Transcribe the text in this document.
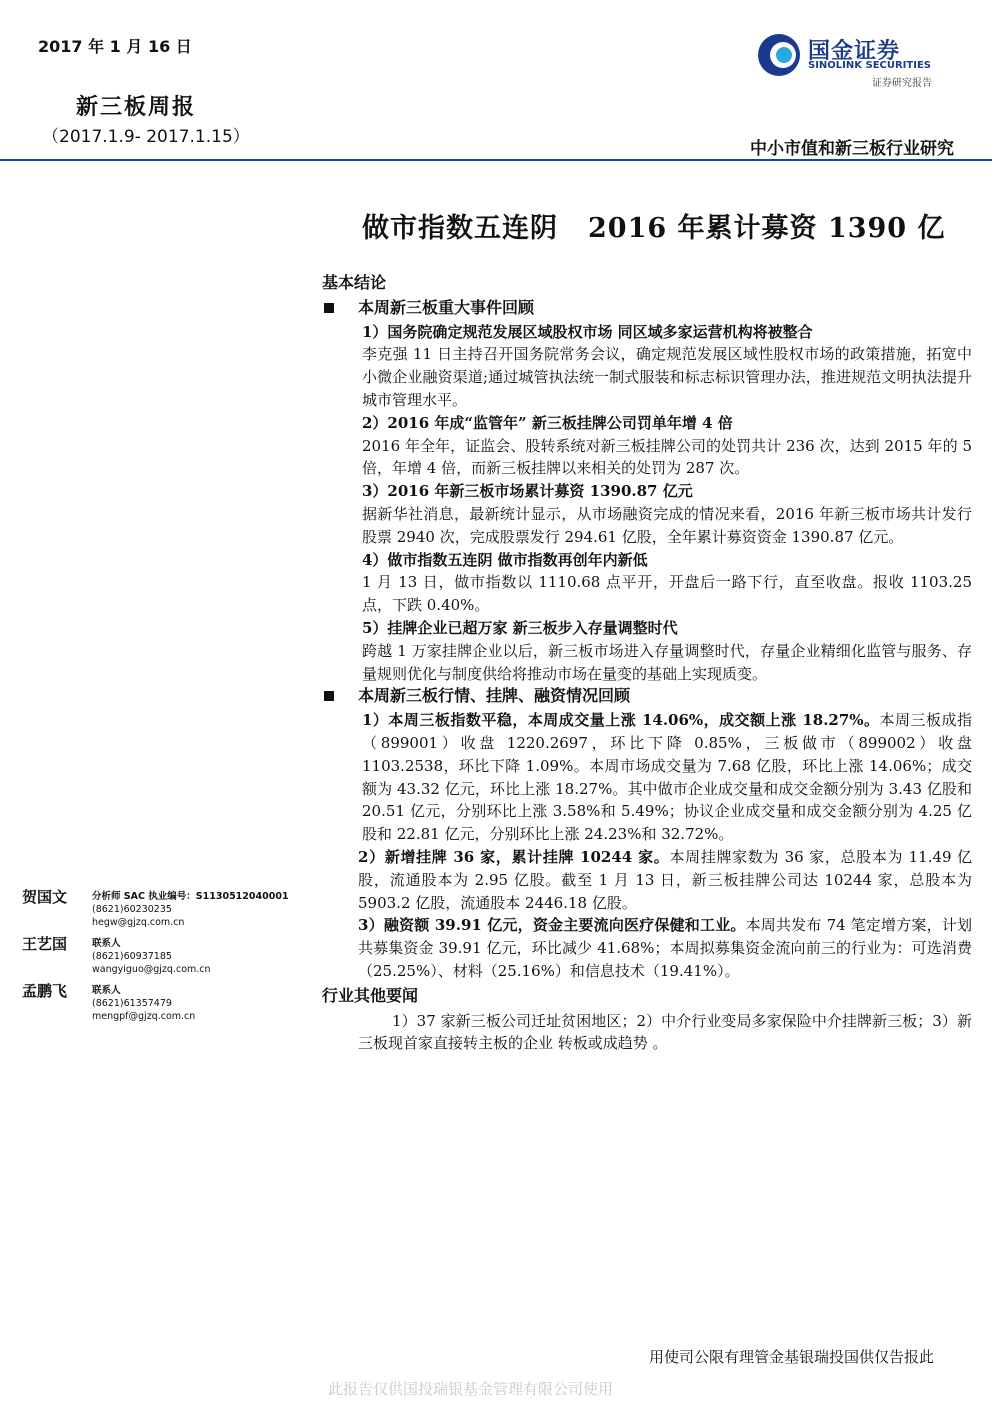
2017 年 1 月 16 日
新三板周报
（2017.1.9- 2017.1.15）
国金证券
SINOLINK SECURITIES
证券研究报告
中小市值和新三板行业研究
做市指数五连阴 2016 年累计募资 1390 亿
基本结论
本周新三板重大事件回顾
1）国务院确定规范发展区域股权市场 同区域多家运营机构将被整合
李克强 11 日主持召开国务院常务会议，确定规范发展区域性股权市场的政策措施，拓宽中小微企业融资渠道;通过城管执法统一制式服装和标志标识管理办法，推进规范文明执法提升城市管理水平。
2）2016 年成“监管年” 新三板挂牌公司罚单年增 4 倍
2016 年全年，证监会、股转系统对新三板挂牌公司的处罚共计 236 次，达到 2015 年的 5 倍，年增 4 倍，而新三板挂牌以来相关的处罚为 287 次。
3）2016 年新三板市场累计募资 1390.87 亿元
据新华社消息，最新统计显示，从市场融资完成的情况来看，2016 年新三板市场共计发行股票 2940 次，完成股票发行 294.61 亿股，全年累计募资资金 1390.87 亿元。
4）做市指数五连阴 做市指数再创年内新低
1 月 13 日，做市指数以 1110.68 点平开，开盘后一路下行，直至收盘。报收 1103.25 点，下跌 0.40%。
5）挂牌企业已超万家 新三板步入存量调整时代
跨越 1 万家挂牌企业以后，新三板市场进入存量调整时代，存量企业精细化监管与服务、存量规则优化与制度供给将推动市场在量变的基础上实现质变。
本周新三板行情、挂牌、融资情况回顾
1）本周三板指数平稳，本周成交量上涨 14.06%，成交额上涨 18.27%。本周三板成指（899001）收盘 1220.2697，环比下降 0.85%，三板做市（899002）收盘 1103.2538，环比下降 1.09%。本周市场成交量为 7.68 亿股，环比上涨 14.06%；成交额为 43.32 亿元，环比上涨 18.27%。其中做市企业成交量和成交金额分别为 3.43 亿股和 20.51 亿元，分别环比上涨 3.58%和 5.49%；协议企业成交量和成交金额分别为 4.25 亿股和 22.81 亿元，分别环比上涨 24.23%和 32.72%。
2）新增挂牌 36 家，累计挂牌 10244 家。本周挂牌家数为 36 家，总股本为 11.49 亿股，流通股本为 2.95 亿股。截至 1 月 13 日，新三板挂牌公司达 10244 家，总股本为 5903.2 亿股，流通股本 2446.18 亿股。
3）融资额 39.91 亿元，资金主要流向医疗保健和工业。本周共发布 74 笔定增方案，计划共募集资金 39.91 亿元，环比减少 41.68%；本周拟募集资金流向前三的行业为：可选消费（25.25%）、材料（25.16%）和信息技术（19.41%）。
行业其他要闻
1）37 家新三板公司迁址贫困地区；2）中介行业变局多家保险中介挂牌新三板；3）新三板现首家直接转主板的企业 转板或成趋势 。
贺国文	分析师 SAC 执业编号：S1130512040001
(8621)60230235
hegw@gjzq.com.cn
王艺国	联系人
(8621)60937185
wangyiguo@gjzq.com.cn
孟鹏飞	联系人
(8621)61357479
mengpf@gjzq.com.cn
用使司公限有理管金基银瑞投国供仅告报此
此报告仅供国投瑞银基金管理有限公司使用
